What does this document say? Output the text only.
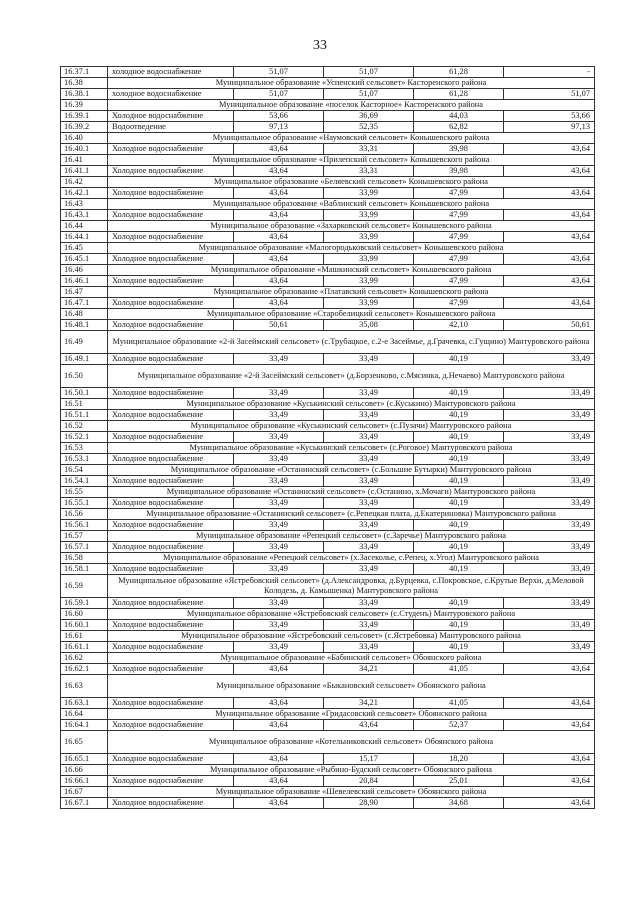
33
16.37.1	холодное водоснабжение	51,07	51,07	61,28	-
16.38	Муниципальное образование «Успенский сельсовет» Касторенского района				
16.38.1	холодное водоснабжение	51,07	51,07	61,28	51,07
16.39	Муниципальное образование «поселок Касторное» Касторенского района				
16.39.1	Холодное водоснабжение	53,66	36,69	44,03	53,66
16.39.2	Водоотведение	97,13	52,35	62,82	97,13
16.40	Муниципальное образование «Наумовский сельсовет» Конышевского района				
16.40.1	Холодное водоснабжение	43,64	33,31	39,98	43,64
16.41	Муниципальное образование «Прилепский сельсовет» Конышевского района				
16.41.1	Холодное водоснабжение	43,64	33,31	39,98	43,64
16.42	Муниципальное образование «Беляевский сельсовет» Конышевского района				
16.42.1	Холодное водоснабжение	43,64	33,99	47,99	43,64
16.43	Муниципальное образование «Ваблинский сельсовет» Конышевского района				
16.43.1	Холодное водоснабжение	43,64	33,99	47,99	43,64
16.44	Муниципальное образование «Захарковский сельсовет» Конышевского района				
16.44.1	Холодное водоснабжение	43,64	33,99	47,99	43,64
16.45	Муниципальное образование «Малогородьковский сельсовет» Конышевского района				
16.45.1	Холодное водоснабжение	43,64	33,99	47,99	43,64
16.46	Муниципальное образование «Машкинский сельсовет» Конышевского района				
16.46.1	Холодное водоснабжение	43,64	33,99	47,99	43,64
16.47	Муниципальное образование «Платавский сельсовет» Конышевского района				
16.47.1	Холодное водоснабжение	43,64	33,99	47,99	43,64
16.48	Муниципальное образование «Старобелицкий сельсовет» Конышевского района				
16.48.1	Холодное водоснабжение	50,61	35,08	42,10	50,61
16.49	Муниципальное образование «2-й Засеймский сельсовет» (с.Трубацкое, с.2-е Засеймье, д.Грачевка, с.Гущино) Мантуровского района				
16.49.1	Холодное водоснабжение	33,49	33,49	40,19	33,49
16.50	Муниципальное образование «2-й Засеймский сельсовет» (д.Борзенково, с.Мясинка, д.Нечаево) Мантуровского района				
16.50.1	Холодное водоснабжение	33,49	33,49	40,19	33,49
16.51	Муниципальное образование «Куськинский сельсовет» (с.Куськино) Мантуровского района				
16.51.1	Холодное водоснабжение	33,49	33,49	40,19	33,49
16.52	Муниципальное образование «Куськинский сельсовет» (с.Пузачи) Мантуровского района				
16.52.1	Холодное водоснабжение	33,49	33,49	40,19	33,49
16.53	Муниципальное образование «Куськинский сельсовет» (с.Роговое) Мантуровского района				
16.53.1	Холодное водоснабжение	33,49	33,49	40,19	33,49
16.54	Муниципальное образование «Останинский сельсовет» (с.Большие Бутырки) Мантуровского района				
16.54.1	Холодное водоснабжение	33,49	33,49	40,19	33,49
16.55	Муниципальное образование «Останинский сельсовет» (с.Останино, х.Мочаги) Мантуровского района				
16.55.1	Холодное водоснабжение	33,49	33,49	40,19	33,49
16.56	Муниципальное образование «Останинский сельсовет» (с.Репецкая плата, д.Екатериновка) Мантуровского района				
16.56.1	Холодное водоснабжение	33,49	33,49	40,19	33,49
16.57	Муниципальное образование «Репецкий сельсовет» (с.Заречье) Мантуровского района				
16.57.1	Холодное водоснабжение	33,49	33,49	40,19	33,49
16.58	Муниципальное образование «Репецкий сельсовет» (х.Засеколье, с.Репец, х.Угол) Мантуровского района				
16.58.1	Холодное водоснабжение	33,49	33,49	40,19	33,49
16.59	Муниципальное образование «Ястребовский сельсовет» (д.Александровка, д.Бурцевка, с.Покровское, с.Крутые Верхи, д.Меловой Колодезь, д. Камышенка) Мантуровского района				
16.59.1	Холодное водоснабжение	33,49	33,49	40,19	33,49
16.60	Муниципальное образование «Ястребовский сельсовет» (с.Студенъ) Мантуровского района				
16.60.1	Холодное водоснабжение	33,49	33,49	40,19	33,49
16.61	Муниципальное образование «Ястребовский сельсовет» (с.Ястребовка) Мантуровского района				
16.61.1	Холодное водоснабжение	33,49	33,49	40,19	33,49
16.62	Муниципальное образование «Бабинский сельсовет» Обоянского района				
16.62.1	Холодное водоснабжение	43,64	34,21	41,05	43,64
16.63	Муниципальное образование «Быкановский сельсовет» Обоянского района				
16.63.1	Холодное водоснабжение	43,64	34,21	41,05	43,64
16.64	Муниципальное образование «Гридасовский сельсовет» Обоянского района				
16.64.1	Холодное водоснабжение	43,64	43,64	52,37	43,64
16.65	Муниципальное образование «Котельниковский сельсовет» Обоянского района				
16.65.1	Холодное водоснабжение	43,64	15,17	18,20	43,64
16.66	Муниципальное образование «Рыбино-Будский сельсовет» Обоянского района				
16.66.1	Холодное водоснабжение	43,64	20,84	25,01	43,64
16.67	Муниципальное образование «Шевелевский сельсовет» Обоянского района				
16.67.1	Холодное водоснабжение	43,64	28,90	34,68	43,64
